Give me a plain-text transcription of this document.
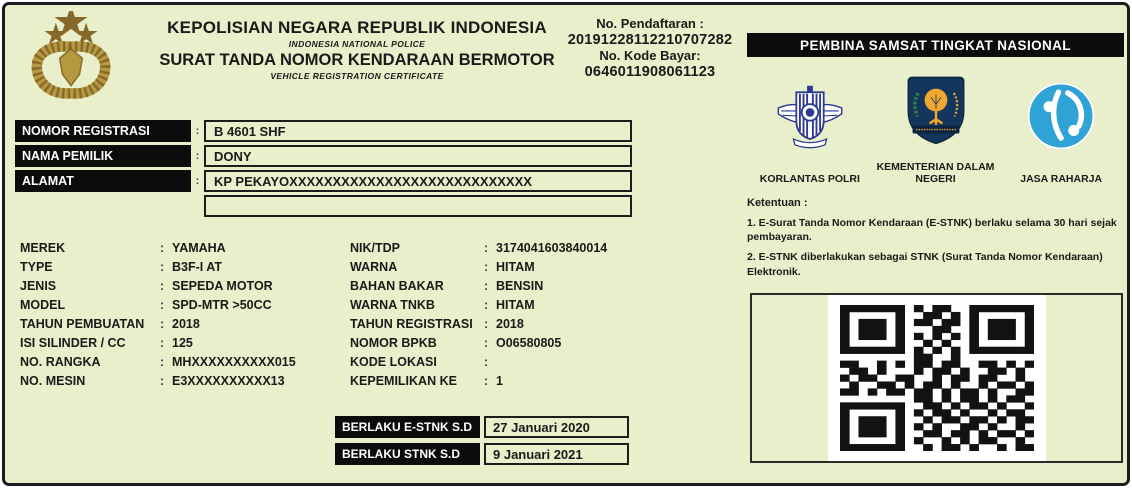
KEPOLISIAN NEGARA REPUBLIK INDONESIA
INDONESIA NATIONAL POLICE
SURAT TANDA NOMOR KENDARAAN BERMOTOR
VEHICLE REGISTRATION CERTIFICATE
No. Pendaftaran :
20191228112210707282
No. Kode Bayar:
0646011908061123
NOMOR REGISTRASI	:	B 4601 SHF
NAMA PEMILIK	:	DONY
ALAMAT	:	KP PEKAYOXXXXXXXXXXXXXXXXXXXXXXXXXXXX
MEREK	: YAMAHA
TYPE	: B3F-I AT
JENIS	: SEPEDA MOTOR
MODEL	: SPD-MTR >50CC
TAHUN PEMBUATAN	: 2018
ISI SILINDER / CC	: 125
NO. RANGKA	: MHXXXXXXXXXX015
NO. MESIN	: E3XXXXXXXXXX13
NIK/TDP	: 3174041603840014
WARNA	: HITAM
BAHAN BAKAR	: BENSIN
WARNA TNKB	: HITAM
TAHUN REGISTRASI : 2018
NOMOR BPKB	: O06580805
KODE LOKASI	:
KEPEMILIKAN KE	: 1
BERLAKU E-STNK S.D	27 Januari 2020
BERLAKU STNK S.D	9 Januari 2021
PEMBINA SAMSAT TINGKAT NASIONAL
KORLANTAS POLRI
KEMENTERIAN DALAM NEGERI	JASA RAHARJA
Ketentuan :
1. E-Surat Tanda Nomor Kendaraan (E-STNK) berlaku selama 30 hari sejak pembayaran.
2. E-STNK diberlakukan sebagai STNK (Surat Tanda Nomor Kendaraan) Elektronik.
